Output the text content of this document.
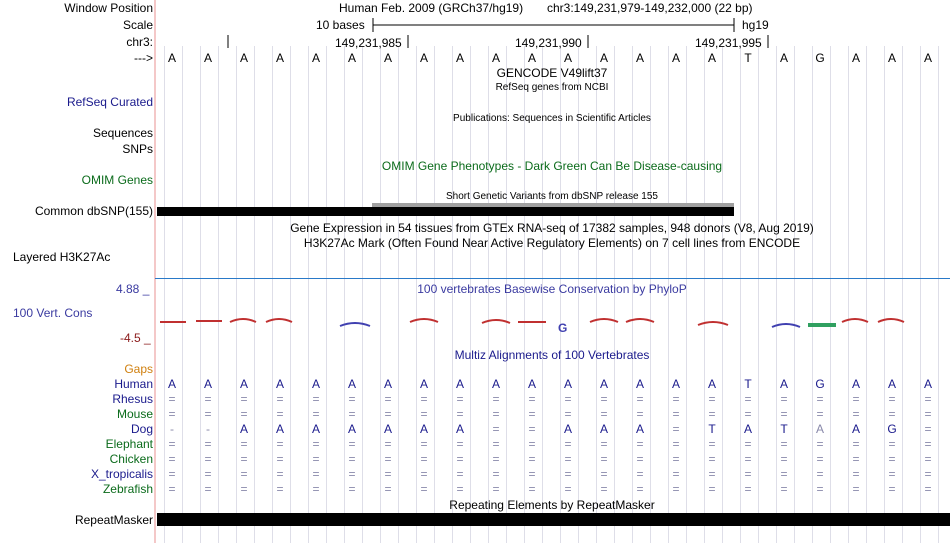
Window Position	Human Feb. 2009 (GRCh37/hg19) chr3:149,231,979-149,232,000 (22 bp)
Scale	10 bases	hg19
chr3:	149,231,985	149,231,990	149,231,995
---> A A A A A A A A A A A A A A A A T A G A A A
GENCODE V49lift37
RefSeq genes from NCBI
RefSeq Curated
Publications: Sequences in Scientific Articles
Sequences
SNPs
OMIM Gene Phenotypes - Dark Green Can Be Disease-causing
OMIM Genes
Short Genetic Variants from dbSNP release 155
Common dbSNP(155)
Gene Expression in 54 tissues from GTEx RNA-seq of 17382 samples, 948 donors (V8, Aug 2019)
H3K27Ac Mark (Often Found Near Active Regulatory Elements) on 7 cell lines from ENCODE
Layered H3K27Ac
100 vertebrates Basewise Conservation by PhyloP
4.88 _
100 Vert. Cons
-4.5 _
G
Multiz Alignments of 100 Vertebrates
Gaps
Human A A A A A A A A A A A A A A A A T A G A A A
Rhesus = = = = = = = = = = = = = = = = = = = = = =
Mouse = = = = = = = = = = = = = = = = = = = = = =
Dog -	- A A A A A A A = = A A A = T A T A A G =
Elephant = = = = = = = = = = = = = = = = = = = = = =
Chicken = = = = = = = = = = = = = = = = = = = = = =
X_tropicalis = = = = = = = = = = = = = = = = = = = = = =
Zebrafish = = = = = = = = = = = = = = = = = = = = = =
Repeating Elements by RepeatMasker
RepeatMasker
